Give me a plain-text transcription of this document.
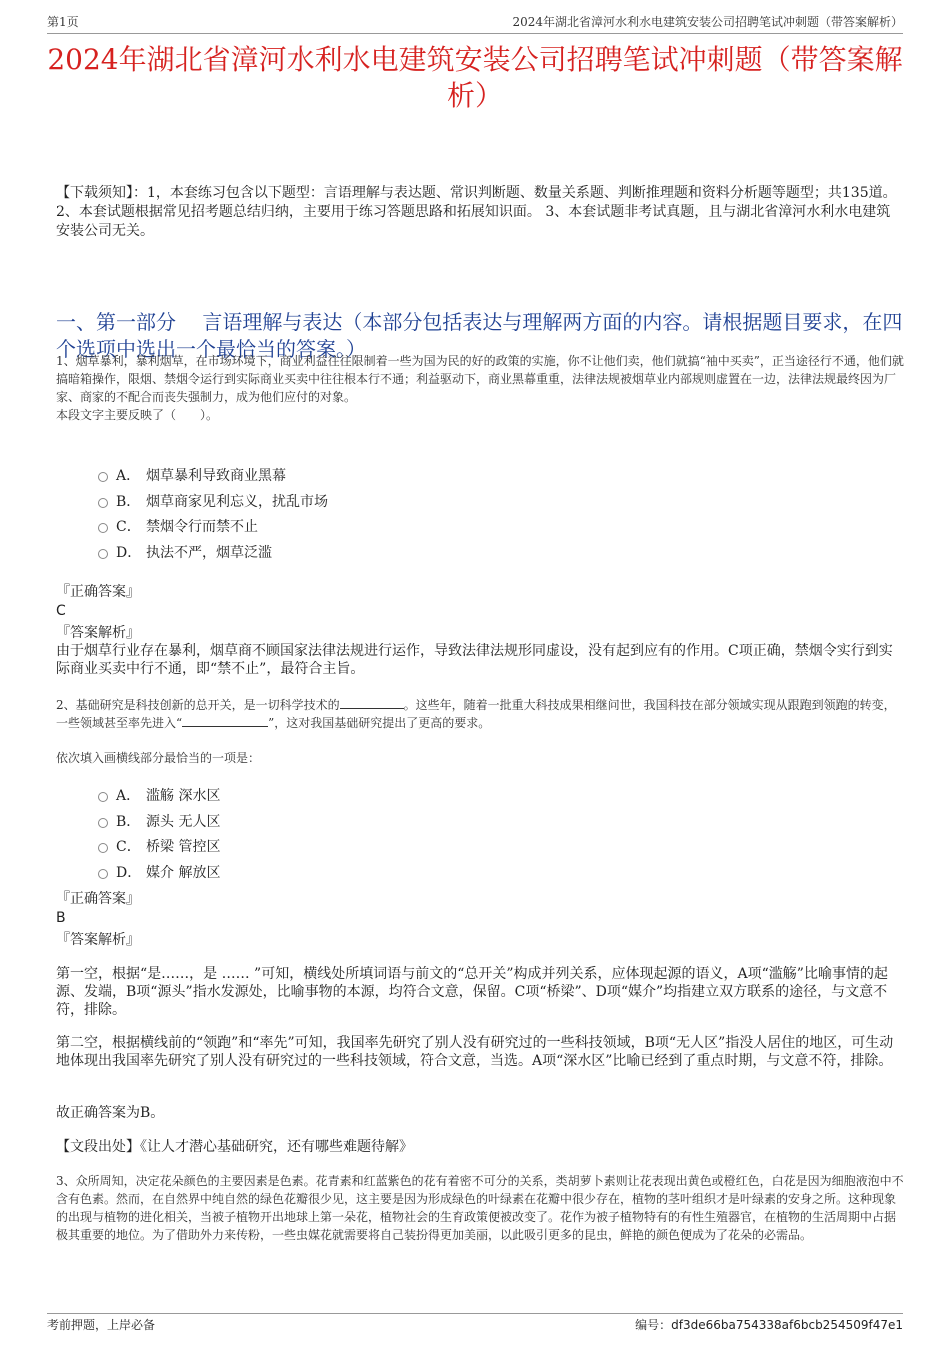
第1页	2024年湖北省漳河水利水电建筑安装公司招聘笔试冲刺题（带答案解析）
2024年湖北省漳河水利水电建筑安装公司招聘笔试冲刺题（带答案解析）
【下载须知】：1，本套练习包含以下题型：言语理解与表达题、常识判断题、数量关系题、判断推理题和资料分析题等题型；共135道。 2、本套试题根据常见招考题总结归纳，主要用于练习答题思路和拓展知识面。 3、本套试题非考试真题，且与湖北省漳河水利水电建筑安装公司无关。
一、第一部分　 言语理解与表达（本部分包括表达与理解两方面的内容。请根据题目要求，在四个选项中选出一个最恰当的答案。）
1、烟草暴利，暴利烟草，在市场环境下，商业利益往往限制着一些为国为民的好的政策的实施，你不让他们卖，他们就搞“袖中买卖”，正当途径行不通，他们就搞暗箱操作，限烟、禁烟令运行到实际商业买卖中往往根本行不通；利益驱动下，商业黑幕重重，法律法规被烟草业内部规则虚置在一边，法律法规最终因为厂家、商家的不配合而丧失强制力，成为他们应付的对象。
本段文字主要反映了（　　）。
A． 烟草暴利导致商业黑幕
B． 烟草商家见利忘义，扰乱市场
C． 禁烟令行而禁不止
D． 执法不严，烟草泛滥
『正确答案』
C
『答案解析』
由于烟草行业存在暴利，烟草商不顾国家法律法规进行运作，导致法律法规形同虚设，没有起到应有的作用。C项正确，禁烟令实行到实际商业买卖中行不通，即“禁不止”，最符合主旨。
2、基础研究是科技创新的总开关，是一切科学技术的	。这些年，随着一批重大科技成果相继问世，我国科技在部分领域实现从跟跑到领跑的转变，一些领域甚至率先进入“	”，这对我国基础研究提出了更高的要求。
依次填入画横线部分最恰当的一项是：
A． 滥觞 深水区
B． 源头 无人区
C． 桥梁 管控区
D． 媒介 解放区
『正确答案』
B
『答案解析』
第一空，根据“是……，是 …… ”可知，横线处所填词语与前文的“总开关”构成并列关系，应体现起源的语义，A项“滥觞”比喻事情的起源、发端，B项“源头”指水发源处，比喻事物的本源，均符合文意，保留。C项“桥梁”、D项“媒介”均指建立双方联系的途径，与文意不符，排除。
第二空，根据横线前的“领跑”和“率先”可知，我国率先研究了别人没有研究过的一些科技领域，B项“无人区”指没人居住的地区，可生动地体现出我国率先研究了别人没有研究过的一些科技领域，符合文意，当选。A项“深水区”比喻已经到了重点时期，与文意不符，排除。
故正确答案为B。
【文段出处】《让人才潜心基础研究，还有哪些难题待解》
3、众所周知，决定花朵颜色的主要因素是色素。花青素和红蓝紫色的花有着密不可分的关系，类胡萝卜素则让花表现出黄色或橙红色，白花是因为细胞液泡中不含有色素。然而，在自然界中纯自然的绿色花瓣很少见，这主要是因为形成绿色的叶绿素在花瓣中很少存在，植物的茎叶组织才是叶绿素的安身之所。这种现象的出现与植物的进化相关，当被子植物开出地球上第一朵花，植物社会的生育政策便被改变了。花作为被子植物特有的有性生殖器官，在植物的生活周期中占据极其重要的地位。为了借助外力来传粉，一些虫媒花就需要将自己装扮得更加美丽，以此吸引更多的昆虫，鲜艳的颜色便成为了花朵的必需品。
考前押题，上岸必备	编号：df3de66ba754338af6bcb254509f47e1
